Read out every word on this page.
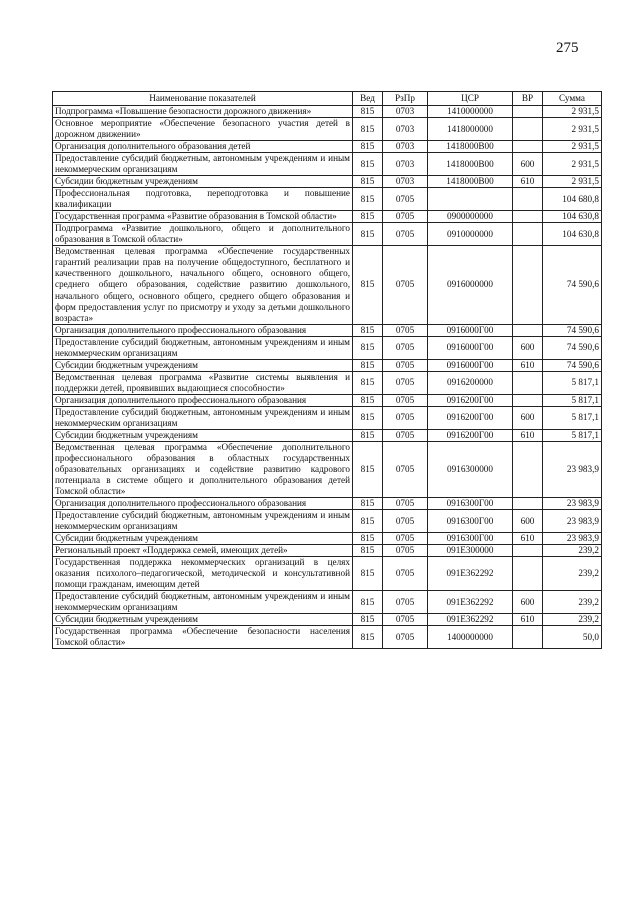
275
Наименование показателей	Вед	РзПр	ЦСР	ВР	Сумма
Подпрограмма «Повышение безопасности дорожного движения»	815	0703	1410000000		2 931,5
Основное мероприятие «Обеспечение безопасного участия детей в дорожном движении»	815	0703	1418000000		2 931,5
Организация дополнительного образования детей	815	0703	1418000В00		2 931,5
Предоставление субсидий бюджетным, автономным учреждениям и иным некоммерческим организациям	815	0703	1418000В00	600	2 931,5
Субсидии бюджетным учреждениям	815	0703	1418000В00	610	2 931,5
Профессиональная подготовка, переподготовка и повышение квалификации	815	0705			104 680,8
Государственная программа «Развитие образования в Томской области»	815	0705	0900000000		104 630,8
Подпрограмма «Развитие дошкольного, общего и дополнительного образования в Томской области»	815	0705	0910000000		104 630,8
Ведомственная целевая программа «Обеспечение государственных гарантий реализации прав на получение общедоступного, бесплатного и качественного дошкольного, начального общего, основного общего, среднего общего образования, содействие развитию дошкольного, начального общего, основного общего, среднего общего образования и форм предоставления услуг по присмотру и уходу за детьми дошкольного возраста»	815	0705	0916000000		74 590,6
Организация дополнительного профессионального образования	815	0705	0916000Г00		74 590,6
Предоставление субсидий бюджетным, автономным учреждениям и иным некоммерческим организациям	815	0705	0916000Г00	600	74 590,6
Субсидии бюджетным учреждениям	815	0705	0916000Г00	610	74 590,6
Ведомственная целевая программа «Развитие системы выявления и поддержки детей, проявивших выдающиеся способности»	815	0705	0916200000		5 817,1
Организация дополнительного профессионального образования	815	0705	0916200Г00		5 817,1
Предоставление субсидий бюджетным, автономным учреждениям и иным некоммерческим организациям	815	0705	0916200Г00	600	5 817,1
Субсидии бюджетным учреждениям	815	0705	0916200Г00	610	5 817,1
Ведомственная целевая программа «Обеспечение дополнительного профессионального образования в областных государственных образовательных организациях и содействие развитию кадрового потенциала в системе общего и дополнительного образования детей Томской области»	815	0705	0916300000		23 983,9
Организация дополнительного профессионального образования	815	0705	0916300Г00		23 983,9
Предоставление субсидий бюджетным, автономным учреждениям и иным некоммерческим организациям	815	0705	0916300Г00	600	23 983,9
Субсидии бюджетным учреждениям	815	0705	0916300Г00	610	23 983,9
Региональный проект «Поддержка семей, имеющих детей»	815	0705	091Е300000		239,2
Государственная поддержка некоммерческих организаций в целях оказания психолого–педагогической, методической и консультативной помощи гражданам, имеющим детей	815	0705	091Е362292		239,2
Предоставление субсидий бюджетным, автономным учреждениям и иным некоммерческим организациям	815	0705	091Е362292	600	239,2
Субсидии бюджетным учреждениям	815	0705	091Е362292	610	239,2
Государственная программа «Обеспечение безопасности населения Томской области»	815	0705	1400000000		50,0
